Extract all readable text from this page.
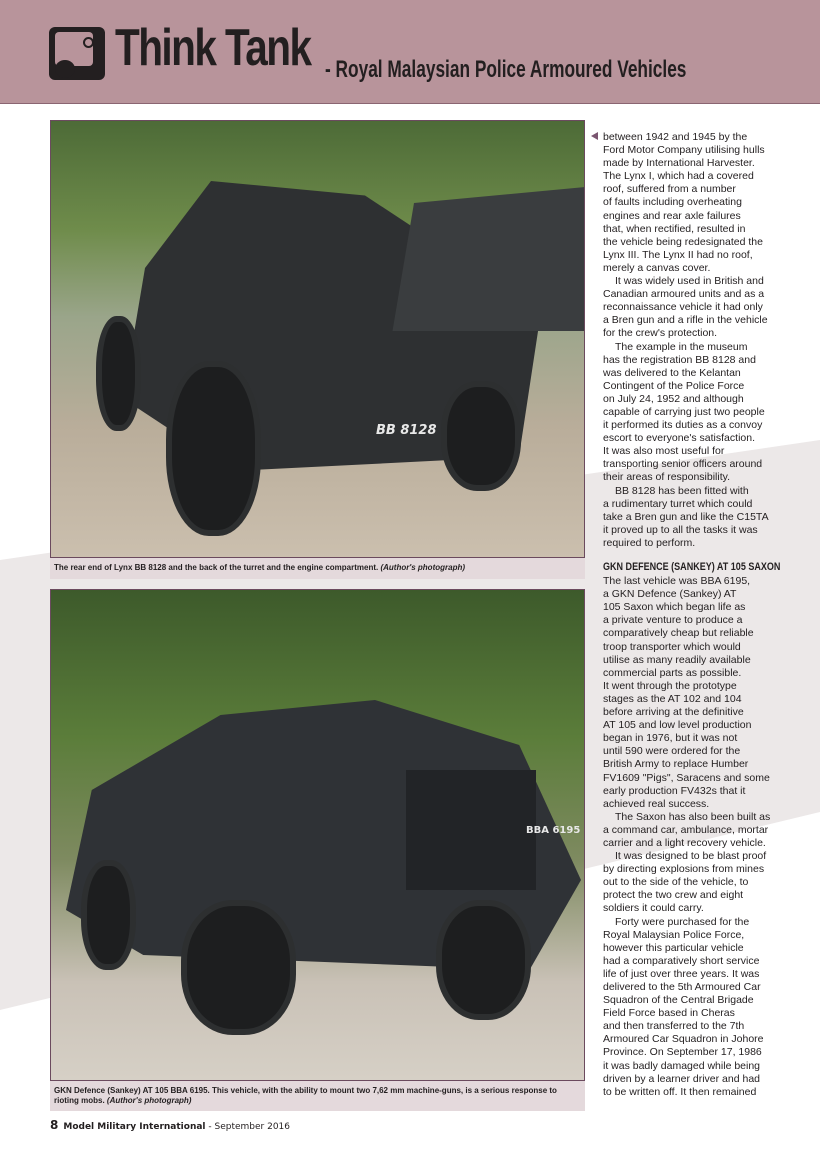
Think Tank - Royal Malaysian Police Armoured Vehicles
BB 8128
The rear end of Lynx BB 8128 and the back of the turret and the engine compartment. (Author's photograph)
BBA 6195
GKN Defence (Sankey) AT 105 BBA 6195. This vehicle, with the ability to mount two 7,62 mm machine-guns, is a serious response to rioting mobs. (Author's photograph)
between 1942 and 1945 by the
Ford Motor Company utilising hulls
made by International Harvester.
The Lynx I, which had a covered
roof, suffered from a number
of faults including overheating
engines and rear axle failures
that, when rectified, resulted in
the vehicle being redesignated the
Lynx III. The Lynx II had no roof,
merely a canvas cover.
It was widely used in British and
Canadian armoured units and as a
reconnaissance vehicle it had only
a Bren gun and a rifle in the vehicle
for the crew's protection.
The example in the museum
has the registration BB 8128 and
was delivered to the Kelantan
Contingent of the Police Force
on July 24, 1952 and although
capable of carrying just two people
it performed its duties as a convoy
escort to everyone's satisfaction.
It was also most useful for
transporting senior officers around
their areas of responsibility.
BB 8128 has been fitted with
a rudimentary turret which could
take a Bren gun and like the C15TA
it proved up to all the tasks it was
required to perform.
GKN DEFENCE (SANKEY) AT 105 SAXON
The last vehicle was BBA 6195,
a GKN Defence (Sankey) AT
105 Saxon which began life as
a private venture to produce a
comparatively cheap but reliable
troop transporter which would
utilise as many readily available
commercial parts as possible.
It went through the prototype
stages as the AT 102 and 104
before arriving at the definitive
AT 105 and low level production
began in 1976, but it was not
until 590 were ordered for the
British Army to replace Humber
FV1609 "Pigs", Saracens and some
early production FV432s that it
achieved real success.
The Saxon has also been built as
a command car, ambulance, mortar
carrier and a light recovery vehicle.
It was designed to be blast proof
by directing explosions from mines
out to the side of the vehicle, to
protect the two crew and eight
soldiers it could carry.
Forty were purchased for the
Royal Malaysian Police Force,
however this particular vehicle
had a comparatively short service
life of just over three years. It was
delivered to the 5th Armoured Car
Squadron of the Central Brigade
Field Force based in Cheras
and then transferred to the 7th
Armoured Car Squadron in Johore
Province. On September 17, 1986
it was badly damaged while being
driven by a learner driver and had
to be written off. It then remained
8 Model Military International - September 2016
